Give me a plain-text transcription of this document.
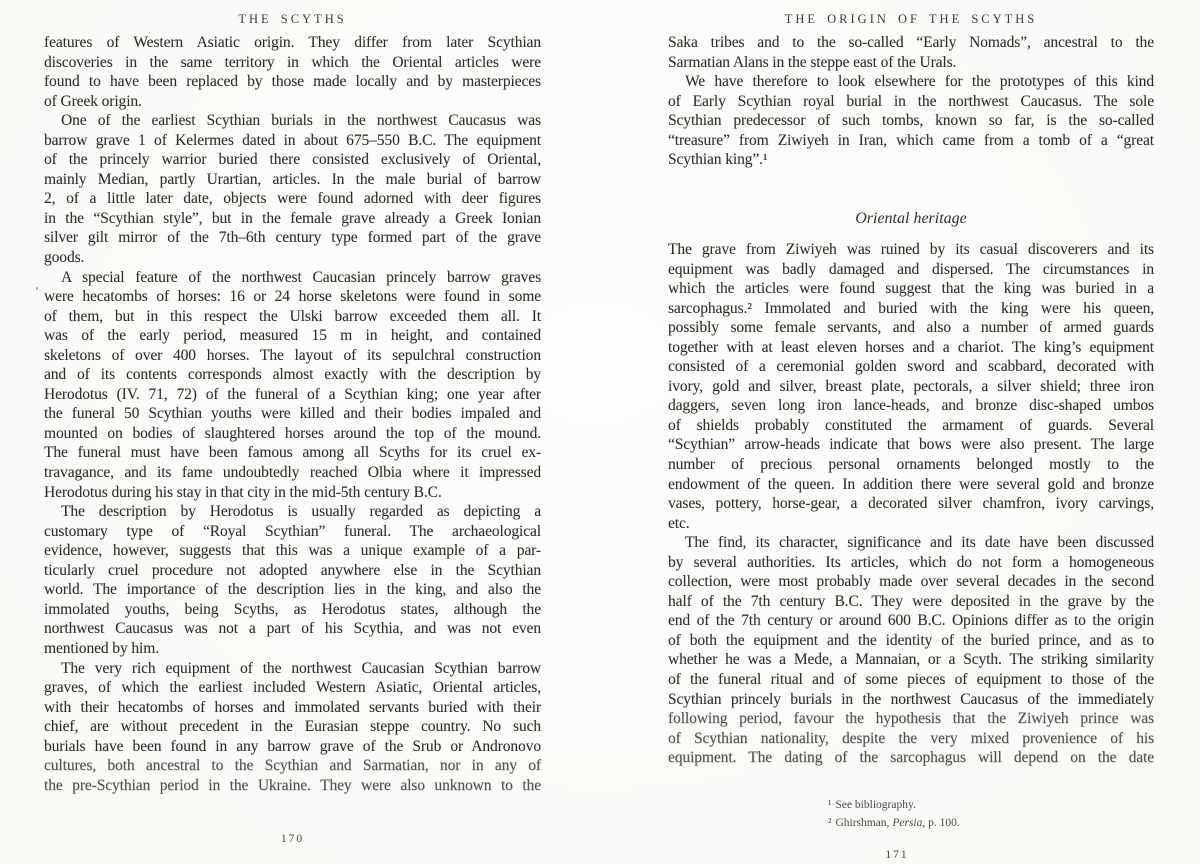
THE SCYTHS
features of Western Asiatic origin. They differ from later Scythian
discoveries in the same territory in which the Oriental articles were
found to have been replaced by those made locally and by masterpieces
of Greek origin.
One of the earliest Scythian burials in the northwest Caucasus was
barrow grave 1 of Kelermes dated in about 675–550 B.C. The equipment
of the princely warrior buried there consisted exclusively of Oriental,
mainly Median, partly Urartian, articles. In the male burial of barrow
2, of a little later date, objects were found adorned with deer figures
in the “Scythian style”, but in the female grave already a Greek Ionian
silver gilt mirror of the 7th–6th century type formed part of the grave
goods.
A special feature of the northwest Caucasian princely barrow graves
were hecatombs of horses: 16 or 24 horse skeletons were found in some
of them, but in this respect the Ulski barrow exceeded them all. It
was of the early period, measured 15 m in height, and contained
skeletons of over 400 horses. The layout of its sepulchral construction
and of its contents corresponds almost exactly with the description by
Herodotus (IV. 71, 72) of the funeral of a Scythian king; one year after
the funeral 50 Scythian youths were killed and their bodies impaled and
mounted on bodies of slaughtered horses around the top of the mound.
The funeral must have been famous among all Scyths for its cruel ex-
travagance, and its fame undoubtedly reached Olbia where it impressed
Herodotus during his stay in that city in the mid-5th century B.C.
The description by Herodotus is usually regarded as depicting a
customary type of “Royal Scythian” funeral. The archaeological
evidence, however, suggests that this was a unique example of a par-
ticularly cruel procedure not adopted anywhere else in the Scythian
world. The importance of the description lies in the king, and also the
immolated youths, being Scyths, as Herodotus states, although the
northwest Caucasus was not a part of his Scythia, and was not even
mentioned by him.
The very rich equipment of the northwest Caucasian Scythian barrow
graves, of which the earliest included Western Asiatic, Oriental articles,
with their hecatombs of horses and immolated servants buried with their
chief, are without precedent in the Eurasian steppe country. No such
burials have been found in any barrow grave of the Srub or Andronovo
cultures, both ancestral to the Scythian and Sarmatian, nor in any of
the pre-Scythian period in the Ukraine. They were also unknown to the
170
THE ORIGIN OF THE SCYTHS
Saka tribes and to the so-called “Early Nomads”, ancestral to the
Sarmatian Alans in the steppe east of the Urals.
We have therefore to look elsewhere for the prototypes of this kind
of Early Scythian royal burial in the northwest Caucasus. The sole
Scythian predecessor of such tombs, known so far, is the so-called
“treasure” from Ziwiyeh in Iran, which came from a tomb of a “great
Scythian king”.¹
Oriental heritage
The grave from Ziwiyeh was ruined by its casual discoverers and its
equipment was badly damaged and dispersed. The circumstances in
which the articles were found suggest that the king was buried in a
sarcophagus.² Immolated and buried with the king were his queen,
possibly some female servants, and also a number of armed guards
together with at least eleven horses and a chariot. The king’s equipment
consisted of a ceremonial golden sword and scabbard, decorated with
ivory, gold and silver, breast plate, pectorals, a silver shield; three iron
daggers, seven long iron lance-heads, and bronze disc-shaped umbos
of shields probably constituted the armament of guards. Several
“Scythian” arrow-heads indicate that bows were also present. The large
number of precious personal ornaments belonged mostly to the
endowment of the queen. In addition there were several gold and bronze
vases, pottery, horse-gear, a decorated silver chamfron, ivory carvings,
etc.
The find, its character, significance and its date have been discussed
by several authorities. Its articles, which do not form a homogeneous
collection, were most probably made over several decades in the second
half of the 7th century B.C. They were deposited in the grave by the
end of the 7th century or around 600 B.C. Opinions differ as to the origin
of both the equipment and the identity of the buried prince, and as to
whether he was a Mede, a Mannaian, or a Scyth. The striking similarity
of the funeral ritual and of some pieces of equipment to those of the
Scythian princely burials in the northwest Caucasus of the immediately
following period, favour the hypothesis that the Ziwiyeh prince was
of Scythian nationality, despite the very mixed provenience of his
equipment. The dating of the sarcophagus will depend on the date
¹ See bibliography.
² Ghirshman, Persia, p. 100.
171
